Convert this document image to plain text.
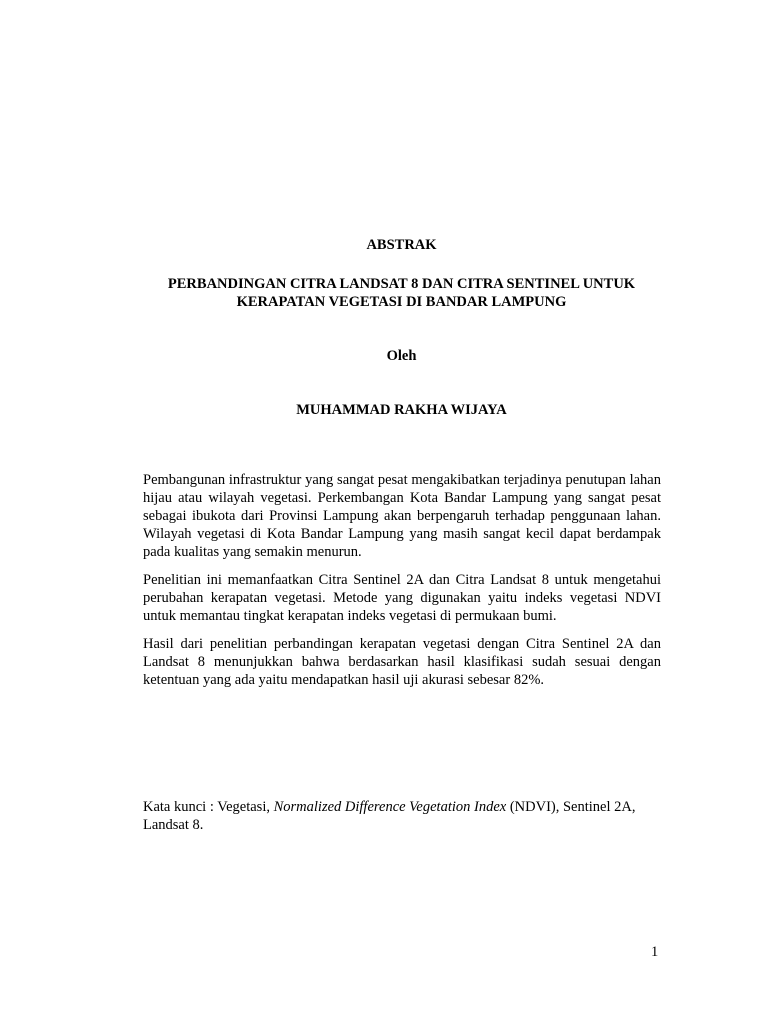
ABSTRAK
PERBANDINGAN CITRA LANDSAT 8 DAN CITRA SENTINEL UNTUK
KERAPATAN VEGETASI DI BANDAR LAMPUNG
Oleh
MUHAMMAD RAKHA WIJAYA

Pembangunan infrastruktur yang sangat pesat mengakibatkan terjadinya penutupan lahan hijau atau wilayah vegetasi. Perkembangan Kota Bandar Lampung yang sangat pesat sebagai ibukota dari Provinsi Lampung akan berpengaruh terhadap penggunaan lahan. Wilayah vegetasi di Kota Bandar Lampung yang masih sangat kecil dapat berdampak pada kualitas yang semakin menurun.

Penelitian ini memanfaatkan Citra Sentinel 2A dan Citra Landsat 8 untuk mengetahui perubahan kerapatan vegetasi. Metode yang digunakan yaitu indeks vegetasi NDVI untuk memantau tingkat kerapatan indeks vegetasi di permukaan bumi.

Hasil dari penelitian perbandingan kerapatan vegetasi dengan Citra Sentinel 2A dan Landsat 8 menunjukkan bahwa berdasarkan hasil klasifikasi sudah sesuai dengan ketentuan yang ada yaitu mendapatkan hasil uji akurasi sebesar 82%.

Kata kunci : Vegetasi, Normalized Difference Vegetation Index (NDVI), Sentinel 2A,
Landsat 8.
1
